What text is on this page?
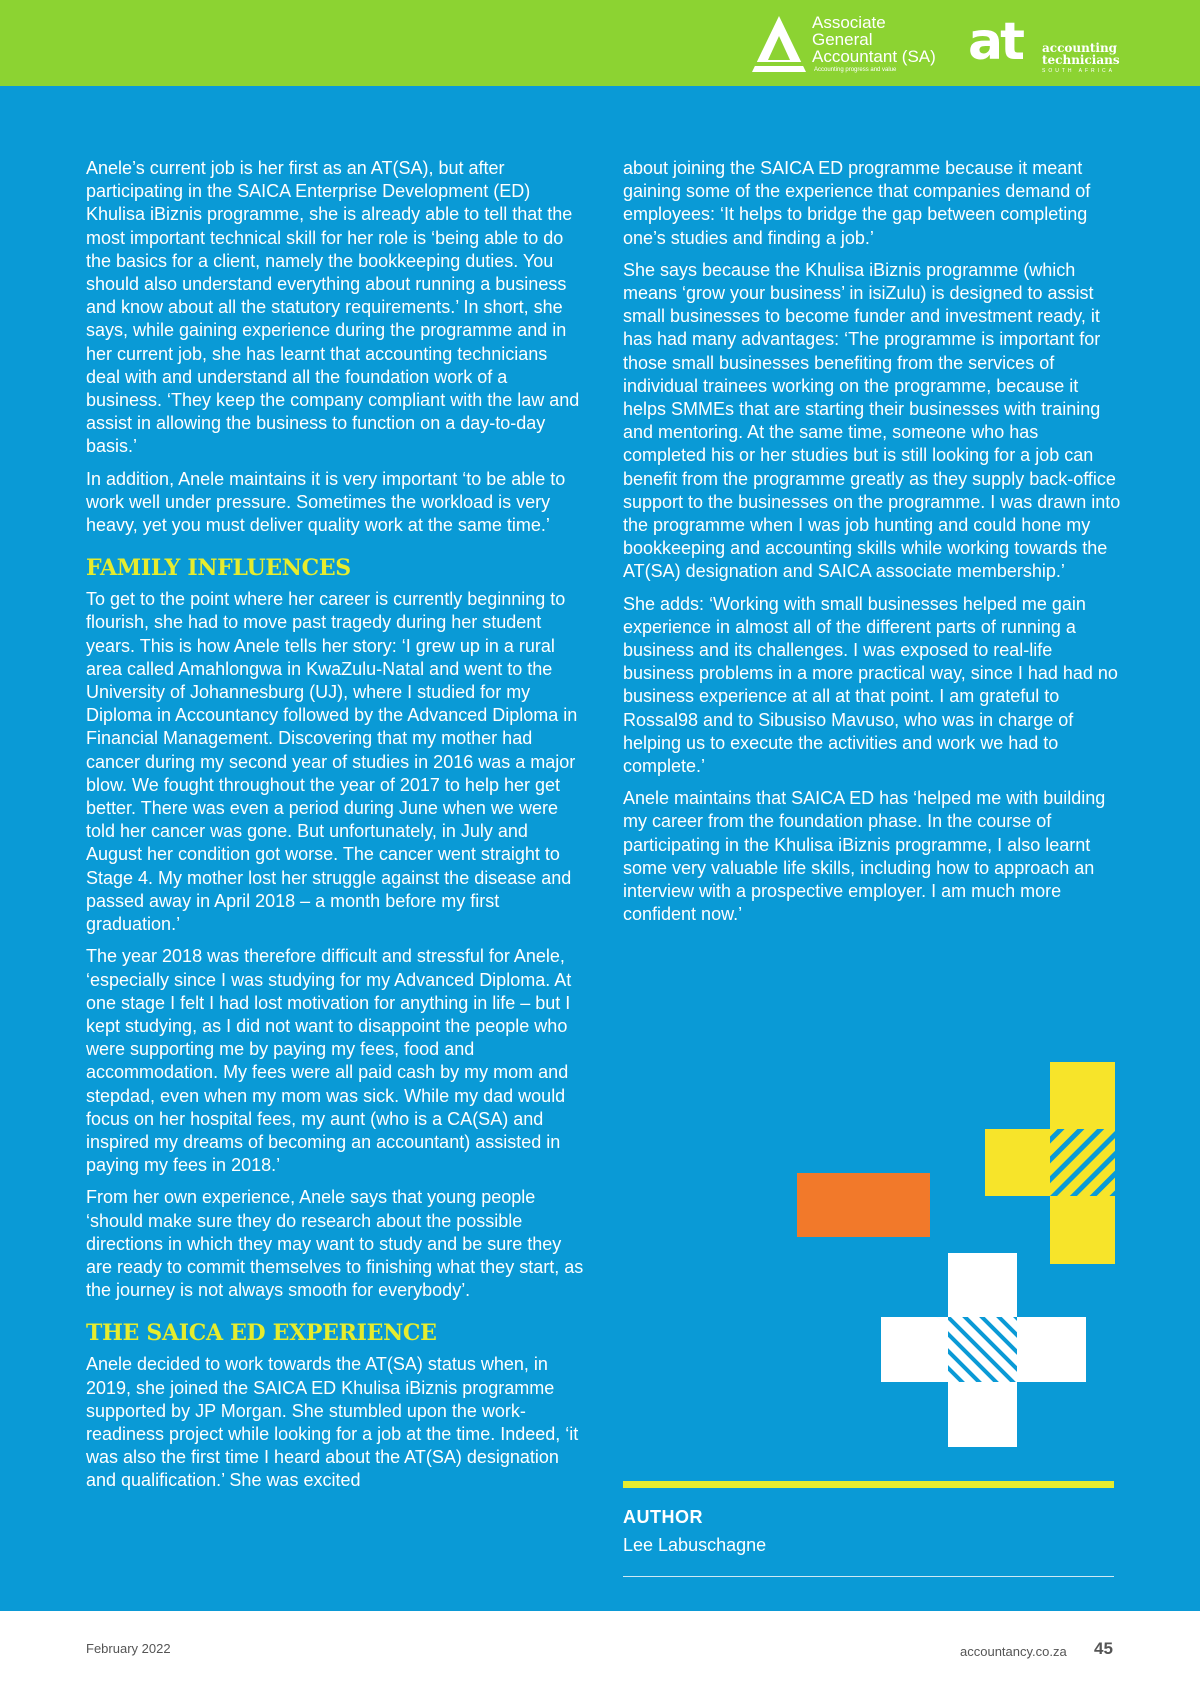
Associate
General
Accountant (SA)
Accounting progress and value at accounting
technicians
SOUTH AFRICA

Anele’s current job is her first as an AT(SA), but after participating in the SAICA Enterprise Development (ED) Khulisa iBiznis programme, she is already able to tell that the most important technical skill for her role is ‘being able to do the basics for a client, namely the bookkeeping duties. You should also understand everything about running a business and know about all the statutory requirements.’ In short, she says, while gaining experience during the programme and in her current job, she has learnt that accounting technicians deal with and understand all the foundation work of a business. ‘They keep the company compliant with the law and assist in allowing the business to function on a day-to-day basis.’

In addition, Anele maintains it is very important ‘to be able to work well under pressure. Sometimes the workload is very heavy, yet you must deliver quality work at the same time.’

FAMILY INFLUENCES

To get to the point where her career is currently beginning to flourish, she had to move past tragedy during her student years. This is how Anele tells her story: ‘I grew up in a rural area called Amahlongwa in KwaZulu-Natal and went to the University of Johannesburg (UJ), where I studied for my Diploma in Accountancy followed by the Advanced Diploma in Financial Management. Discovering that my mother had cancer during my second year of studies in 2016 was a major blow. We fought throughout the year of 2017 to help her get better. There was even a period during June when we were told her cancer was gone. But unfortunately, in July and August her condition got worse. The cancer went straight to Stage 4. My mother lost her struggle against the disease and passed away in April 2018 – a month before my first graduation.’

The year 2018 was therefore difficult and stressful for Anele, ‘especially since I was studying for my Advanced Diploma. At one stage I felt I had lost motivation for anything in life – but I kept studying, as I did not want to disappoint the people who were supporting me by paying my fees, food and accommodation. My fees were all paid cash by my mom and stepdad, even when my mom was sick. While my dad would focus on her hospital fees, my aunt (who is a CA(SA) and inspired my dreams of becoming an accountant) assisted in paying my fees in 2018.’

From her own experience, Anele says that young people ‘should make sure they do research about the possible directions in which they may want to study and be sure they are ready to commit themselves to finishing what they start, as the journey is not always smooth for everybody’.

THE SAICA ED EXPERIENCE

Anele decided to work towards the AT(SA) status when, in 2019, she joined the SAICA ED Khulisa iBiznis programme supported by JP Morgan. She stumbled upon the work-readiness project while looking for a job at the time. Indeed, ‘it was also the first time I heard about the AT(SA) designation and qualification.’ She was excited

about joining the SAICA ED programme because it meant gaining some of the experience that companies demand of employees: ‘It helps to bridge the gap between completing one’s studies and finding a job.’

She says because the Khulisa iBiznis programme (which means ‘grow your business’ in isiZulu) is designed to assist small businesses to become funder and investment ready, it has had many advantages: ‘The programme is important for those small businesses benefiting from the services of individual trainees working on the programme, because it helps SMMEs that are starting their businesses with training and mentoring. At the same time, someone who has completed his or her studies but is still looking for a job can benefit from the programme greatly as they supply back-office support to the businesses on the programme. I was drawn into the programme when I was job hunting and could hone my bookkeeping and accounting skills while working towards the AT(SA) designation and SAICA associate membership.’

She adds: ‘Working with small businesses helped me gain experience in almost all of the different parts of running a business and its challenges. I was exposed to real-life business problems in a more practical way, since I had had no business experience at all at that point. I am grateful to Rossal98 and to Sibusiso Mavuso, who was in charge of helping us to execute the activities and work we had to complete.’

Anele maintains that SAICA ED has ‘helped me with building my career from the foundation phase. In the course of participating in the Khulisa iBiznis programme, I also learnt some very valuable life skills, including how to approach an interview with a prospective employer. I am much more confident now.’

AUTHOR
Lee Labuschagne
February 2022	accountancy.co.za 45
